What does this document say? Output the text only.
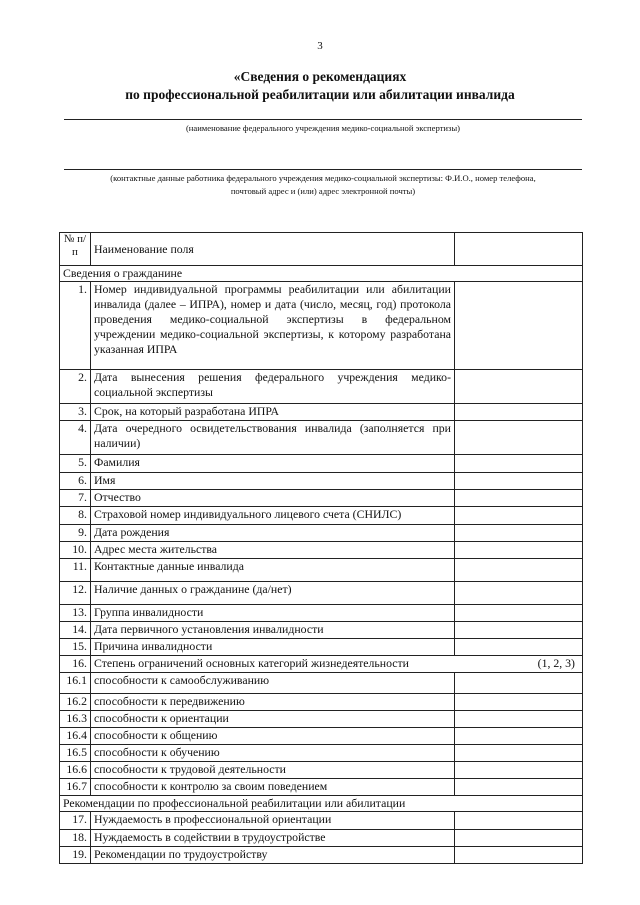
3
«Сведения о рекомендациях
по профессиональной реабилитации или абилитации инвалида
(наименование федерального учреждения медико-социальной экспертизы)
(контактные данные работника федерального учреждения медико-социальной экспертизы: Ф.И.О., номер телефона,
почтовый адрес и (или) адрес электронной почты)
№ п/п	Наименование поля	
Сведения о гражданине		
1.	Номер индивидуальной программы реабилитации или абилитации инвалида (далее – ИПРА), номер и дата (число, месяц, год) протокола проведения медико-социальной экспертизы в федеральном учреждении медико-социальной экспертизы, к которому разработана указанная ИПРА	
2.	Дата вынесения решения федерального учреждения медико-социальной экспертизы	
3.	Срок, на который разработана ИПРА	
4.	Дата очередного освидетельствования инвалида (заполняется при наличии)	
5.	Фамилия	
6.	Имя	
7.	Отчество	
8.	Страховой номер индивидуального лицевого счета (СНИЛС)	
9.	Дата рождения	
10.	Адрес места жительства	
11.	Контактные данные инвалида	
12.	Наличие данных о гражданине (да/нет)	
13.	Группа инвалидности	
14.	Дата первичного установления инвалидности	
15.	Причина инвалидности	
16.	Степень ограничений основных категорий жизнедеятельности (1, 2, 3)	

16.1	способности к самообслуживанию	
16.2	способности к передвижению	
16.3	способности к ориентации	
16.4	способности к общению	
16.5	способности к обучению	
16.6	способности к трудовой деятельности	
16.7	способности к контролю за своим поведением	
Рекомендации по профессиональной реабилитации или абилитации		
17.	Нуждаемость в профессиональной ориентации	
18.	Нуждаемость в содействии в трудоустройстве	
19.	Рекомендации по трудоустройству	
